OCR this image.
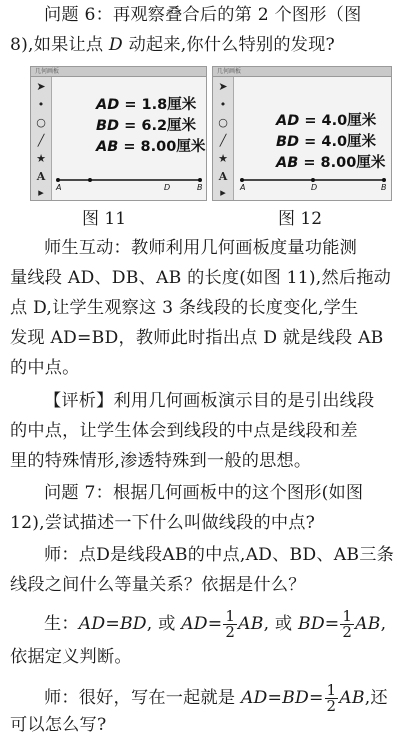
问题 6：再观察叠合后的第 2 个图形（图
8),如果让点 D 动起来,你什么特别的发现?
几何画板
➤
•
○
╱
★
A
▸
AD = 1.8厘米
BD = 6.2厘米
AB = 8.00厘米
A	D	B
几何画板
➤
•
○
╱
★
A
▸
AD = 4.0厘米
BD = 4.0厘米
AB = 8.00厘米
A	D	B
图 11	图 12
师生互动：教师利用几何画板度量功能测
量线段 AD、DB、AB 的长度(如图 11),然后拖动
点 D,让学生观察这 3 条线段的长度变化,学生
发现 AD=BD，教师此时指出点 D 就是线段 AB
的中点。
【评析】利用几何画板演示目的是引出线段
的中点，让学生体会到线段的中点是线段和差
里的特殊情形,渗透特殊到一般的思想。
问题 7：根据几何画板中的这个图形(如图
12),尝试描述一下什么叫做线段的中点?
师：点D是线段AB的中点,AD、BD、AB三条
线段之间什么等量关系？依据是什么？
生：AD=BD, 或 $AD= \frac{1}{2}$ AB, 或 $BD= \frac{1}{2}$ AB,
依据定义判断。
师：很好，写在一起就是 $AD=BD= \frac{1}{2}$ AB,还
可以怎么写?
